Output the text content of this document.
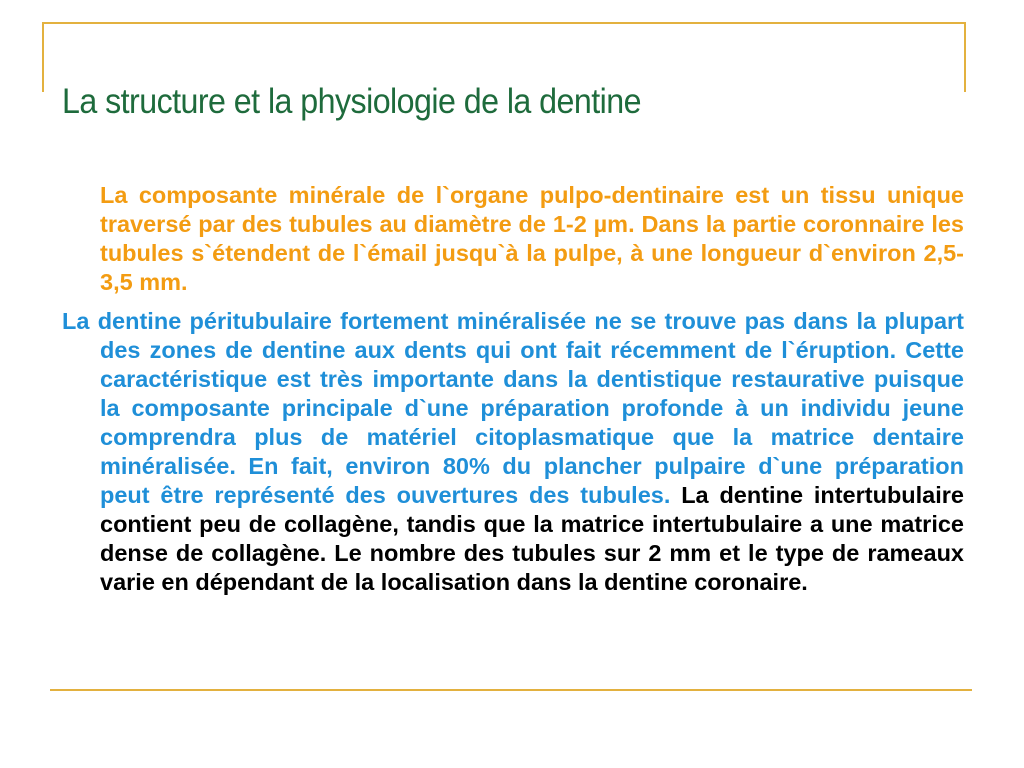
La structure et la physiologie de la dentine

La composante minérale de l`organe pulpo-dentinaire est un tissu unique traversé par des tubules au diamètre de 1-2 µm. Dans la partie coronnaire les tubules s`étendent de l`émail jusqu`à la pulpe, à une longueur d`environ 2,5-3,5 mm.

La dentine péritubulaire fortement minéralisée ne se trouve pas dans la plupart des zones de dentine aux dents qui ont fait récemment de l`éruption. Cette caractéristique est très importante dans la dentistique restaurative puisque la composante principale d`une préparation profonde à un individu jeune comprendra plus de matériel citoplasmatique que la matrice dentaire minéralisée. En fait, environ 80% du plancher pulpaire d`une préparation peut être représenté des ouvertures des tubules. La dentine intertubulaire contient peu de collagène, tandis que la matrice intertubulaire a une matrice dense de collagène. Le nombre des tubules sur 2 mm et le type de rameaux varie en dépendant de la localisation dans la dentine coronaire.
